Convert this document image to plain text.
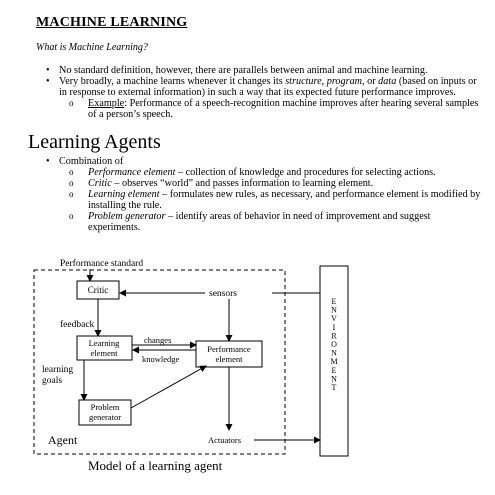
MACHINE LEARNING
What is Machine Learning?
• No standard definition, however, there are parallels between animal and machine learning.
• Very broadly, a machine learns whenever it changes its structure, program, or data (based on inputs or in response to external information) in such a way that its expected future performance improves.
o Example: Performance of a speech-recognition machine improves after hearing several samples of a person’s speech.
Learning Agents
• Combination of
o Performance element – collection of knowledge and procedures for selecting actions.
o Critic – observes “world” and passes information to learning element.
o Learning element – formulates new rules, as necessary, and performance element is modified by installing the rule.
o Problem generator – identify areas of behavior in need of improvement and suggest experiments.
E N V I R O N M E N T
Performance standard
Critic	sensors
feedback
Learning
element	Performance
element
changes
knowledge
learning
goals
Problem
generator
Actuators
Agent
Model of a learning agent
